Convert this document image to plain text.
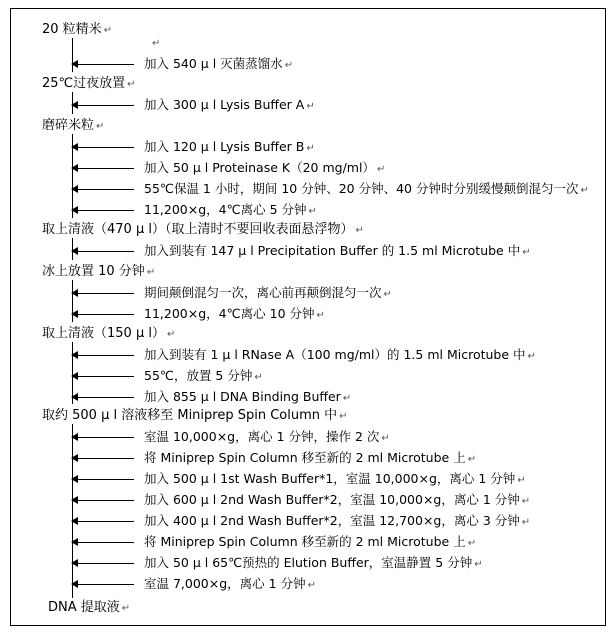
20 粒精米 ↵
加入 540 μ l 灭菌蒸馏水 ↵
↵
25℃过夜放置 ↵
加入 300 μ l Lysis Buffer A ↵
磨碎米粒 ↵
加入 120 μ l Lysis Buffer B ↵
加入 50 μ l Proteinase K（20 mg/ml） ↵
55℃保温 1 小时，期间 10 分钟、20 分钟、40 分钟时分别缓慢颠倒混匀一次 ↵
11,200×g，4℃离心 5 分钟 ↵
取上清液（470 μ l）（取上清时不要回收表面悬浮物） ↵
加入到装有 147 μ l Precipitation Buffer 的 1.5 ml Microtube 中 ↵
冰上放置 10 分钟 ↵
期间颠倒混匀一次，离心前再颠倒混匀一次 ↵
11,200×g，4℃离心 10 分钟 ↵
取上清液（150 μ l） ↵
加入到装有 1 μ l RNase A（100 mg/ml）的 1.5 ml Microtube 中 ↵
55℃，放置 5 分钟 ↵
加入 855 μ l DNA Binding Buffer ↵
取约 500 μ l 溶液移至 Miniprep Spin Column 中 ↵
室温 10,000×g，离心 1 分钟，操作 2 次 ↵
将 Miniprep Spin Column 移至新的 2 ml Microtube 上 ↵
加入 500 μ l 1st Wash Buffer*1，室温 10,000×g，离心 1 分钟 ↵
加入 600 μ l 2nd Wash Buffer*2，室温 10,000×g，离心 1 分钟 ↵
加入 400 μ l 2nd Wash Buffer*2，室温 12,700×g，离心 3 分钟 ↵
将 Miniprep Spin Column 移至新的 2 ml Microtube 上 ↵
加入 50 μ l 65℃预热的 Elution Buffer，室温静置 5 分钟 ↵
室温 7,000×g，离心 1 分钟 ↵
DNA 提取液 ↵
